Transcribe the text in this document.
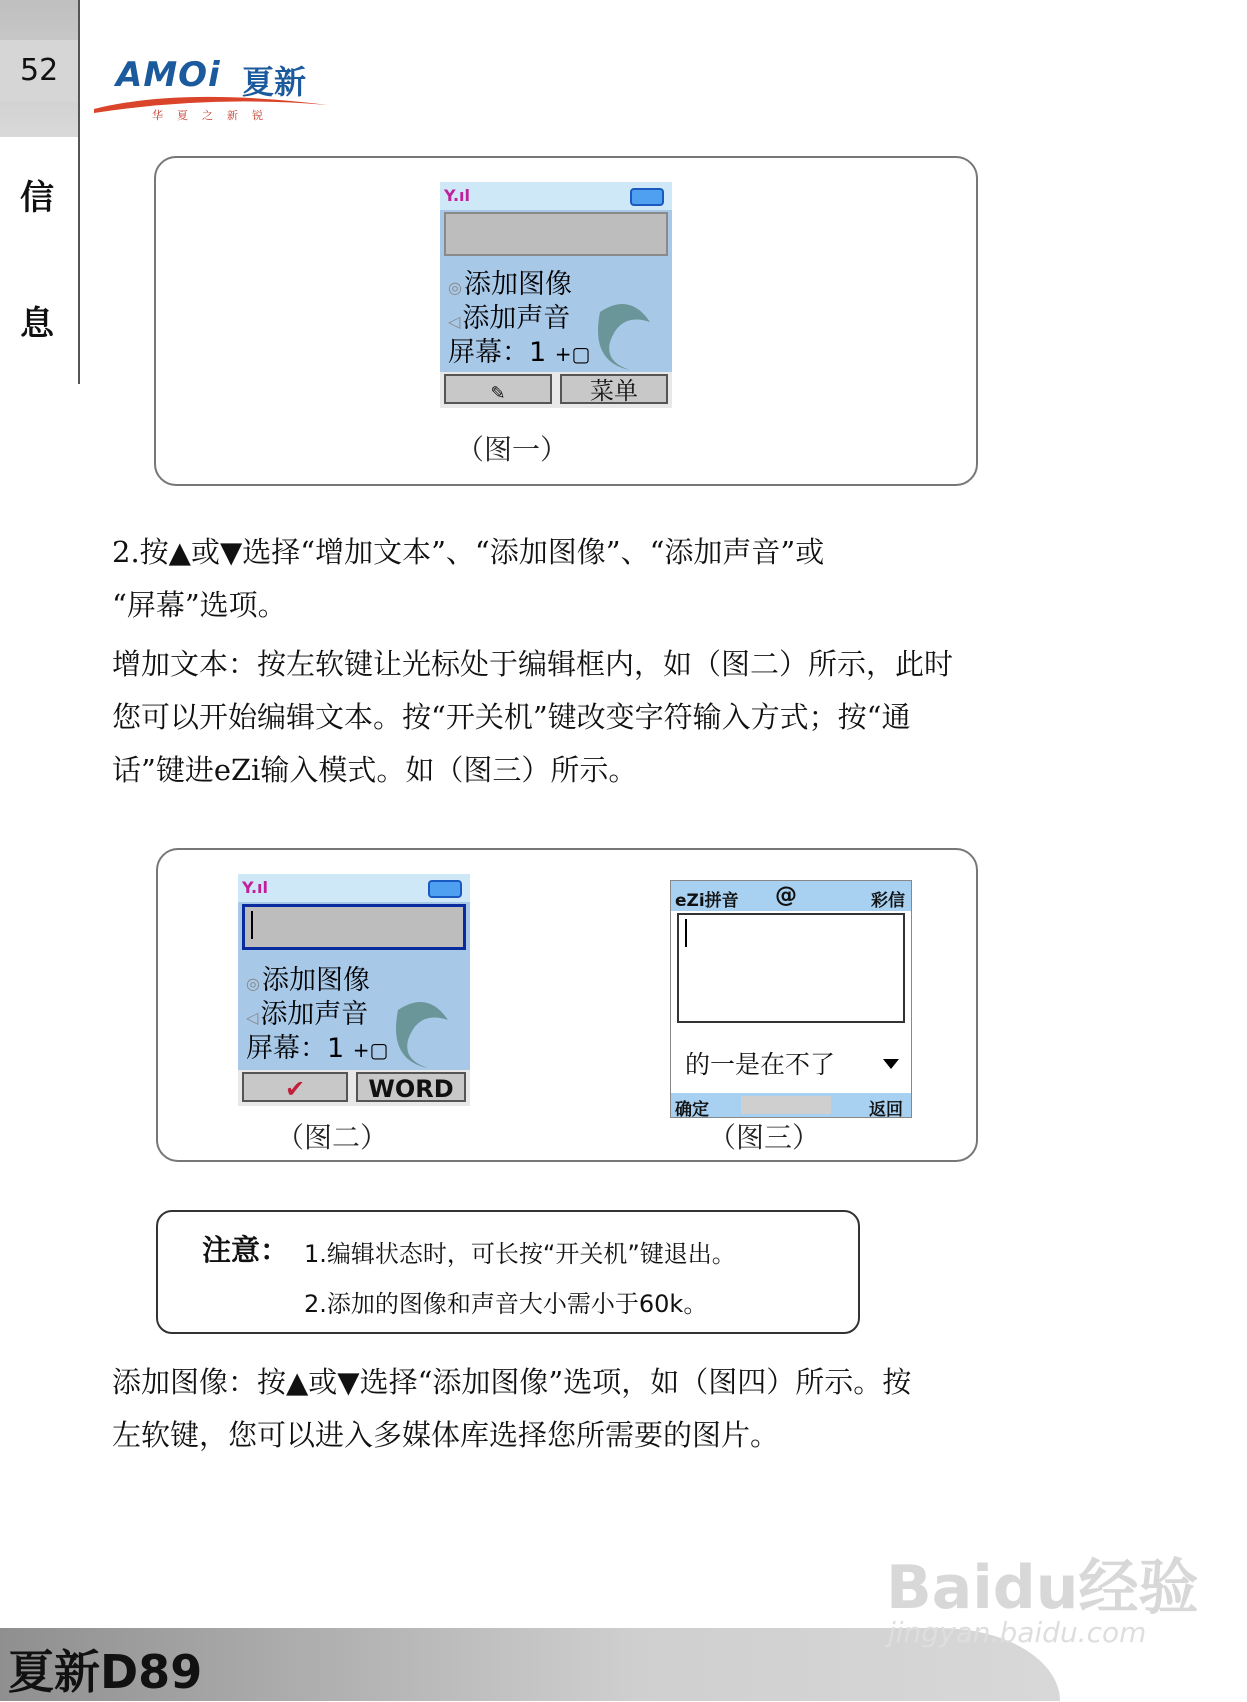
52
信
息
AMOi 夏新
华夏之新锐
Y.ıl
◎添加图像
◁添加声音
屏幕：1 +▢
✎	菜单
（图一）
2.按▲或▼选择“增加文本”、“添加图像”、“添加声音”或
“屏幕”选项。
增加文本：按左软键让光标处于编辑框内，如（图二）所示，此时
您可以开始编辑文本。按“开关机”键改变字符输入方式；按“通
话”键进eZi输入模式。如（图三）所示。
Y.ıl
◎添加图像
◁添加声音
屏幕：1 +▢
✔	WORD
（图二）
eZi拼音 @	彩信
的一是在不了
确定	返回
（图三）
注意： 1.编辑状态时，可长按“开关机”键退出。
2.添加的图像和声音大小需小于60k。
添加图像：按▲或▼选择“添加图像”选项，如（图四）所示。按
左软键，您可以进入多媒体库选择您所需要的图片。
夏新D89
Baidu经验
jingyan.baidu.com
